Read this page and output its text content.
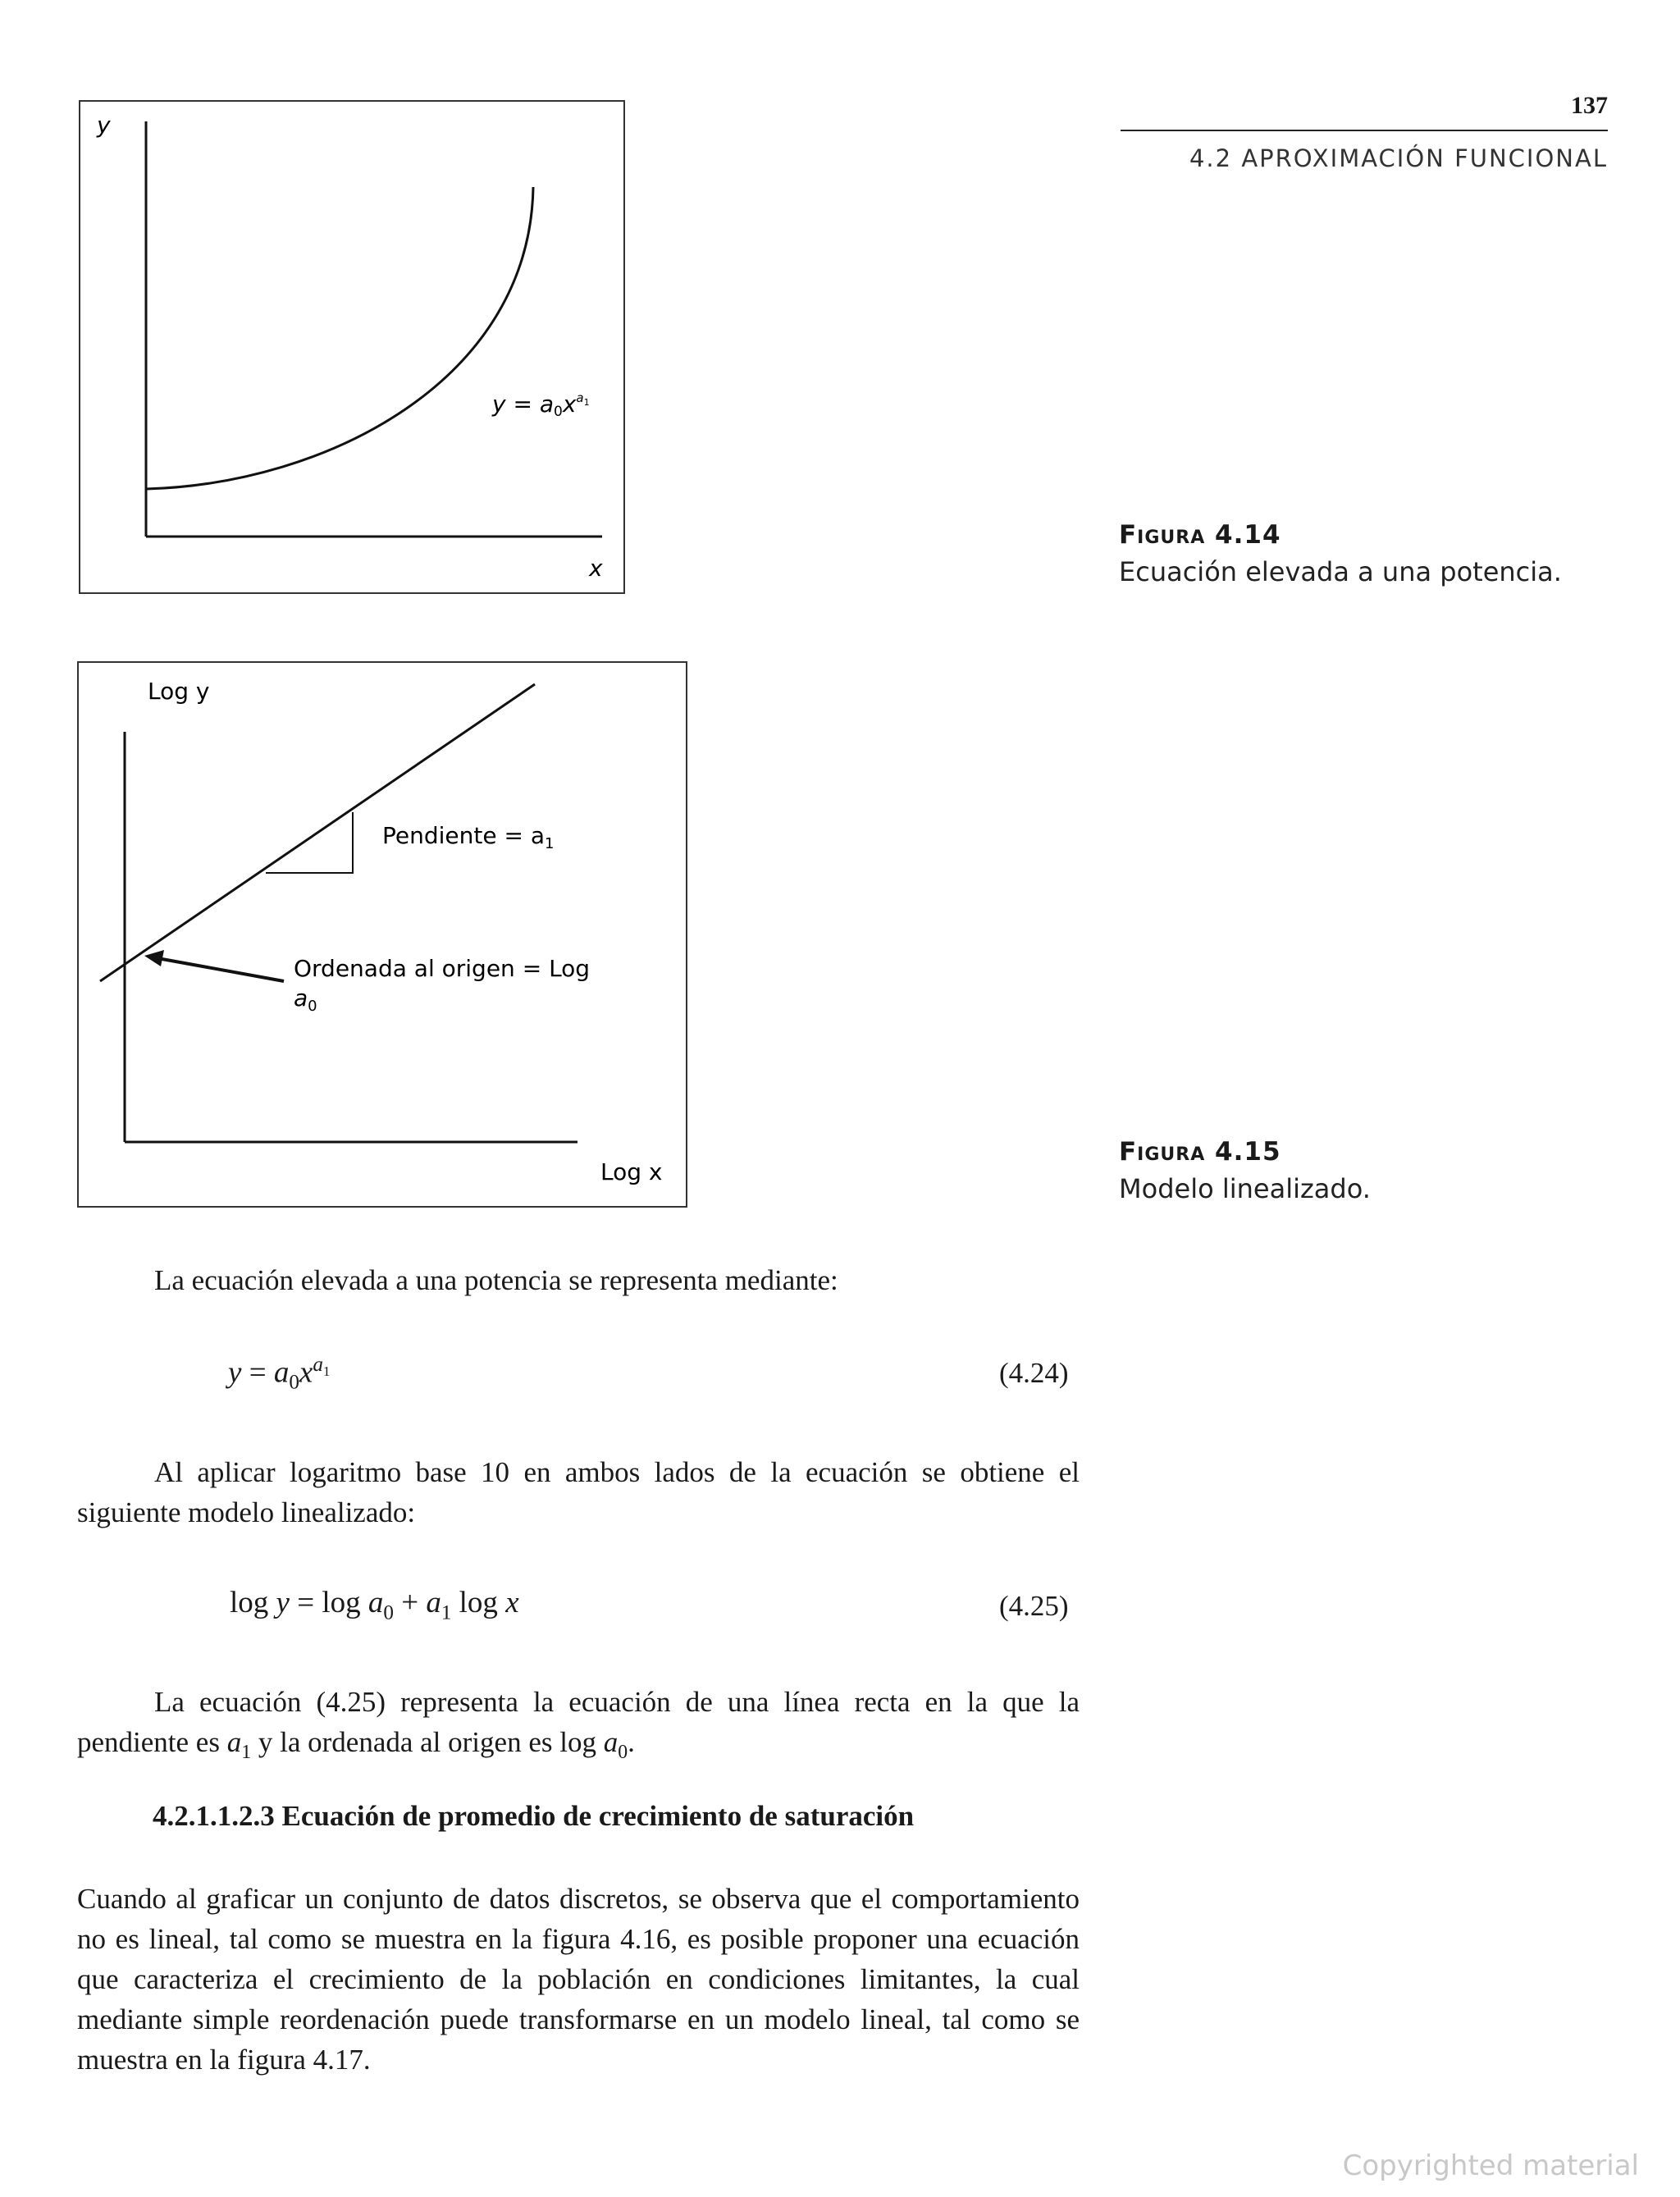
137
4.2 APROXIMACIÓN FUNCIONAL
y
x
$y = a0x^a1$
Figura 4.14
Ecuación elevada a una potencia.
Log y
Log x
Pendiente = $a_1$
Ordenada al origen = Log
$a_0$
Figura 4.15
Modelo linealizado.
La ecuación elevada a una potencia se representa mediante:
$y = a_0x^{a_1}$	(4.24)
Al aplicar logaritmo base 10 en ambos lados de la ecuación se obtiene el siguiente modelo linealizado:
$\log y = \log a_0 + a_1$ log x	(4.25)
La ecuación (4.25) representa la ecuación de una línea recta en la que la pendiente es $a_1$ y la ordenada al origen es $\log a_0$.
4.2.1.1.2.3 Ecuación de promedio de crecimiento de saturación
Cuando al graficar un conjunto de datos discretos, se observa que el comportamiento no es lineal, tal como se muestra en la figura 4.16, es posible proponer una ecuación que caracteriza el crecimiento de la población en condiciones limitantes, la cual mediante simple reordenación puede transformarse en un modelo lineal, tal como se muestra en la figura 4.17.
Copyrighted material
